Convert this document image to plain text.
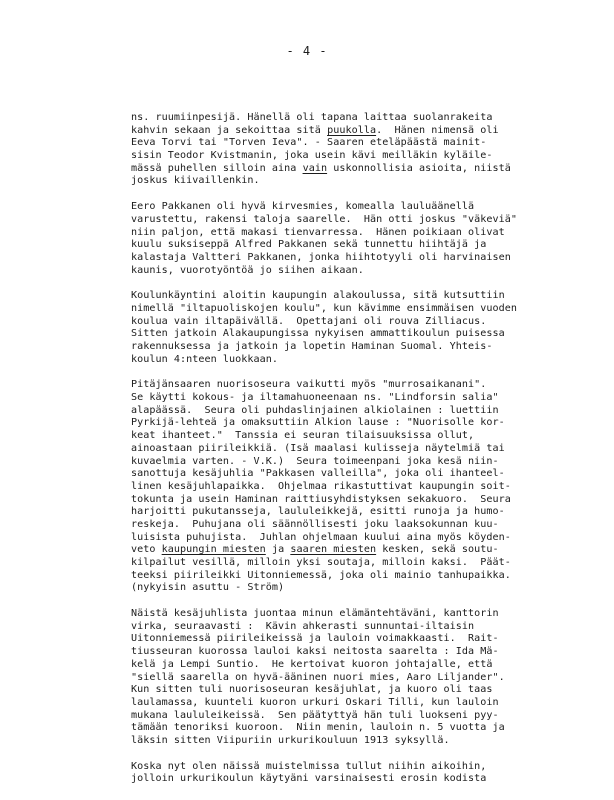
- 4 -
ns. ruumiinpesijä. Hänellä oli tapana laittaa suolanrakeita
kahvin sekaan ja sekoittaa sitä puukolla.  Hänen nimensä oli
Eeva Torvi tai "Torven Ieva". - Saaren eteläpäästä mainit-
sisin Teodor Kvistmanin, joka usein kävi meilläkin kyläile-
mässä puhellen silloin aina vain uskonnollisia asioita, niistä
joskus kiivaillenkin.
Eero Pakkanen oli hyvä kirvesmies, komealla lauluäänellä
varustettu, rakensi taloja saarelle.  Hän otti joskus "väkeviä"
niin paljon, että makasi tienvarressa.  Hänen poikiaan olivat
kuulu suksiseppä Alfred Pakkanen sekä tunnettu hiihtäjä ja
kalastaja Valtteri Pakkanen, jonka hiihtotyyli oli harvinaisen
kaunis, vuorotyöntöä jo siihen aikaan.
Koulunkäyntini aloitin kaupungin alakoulussa, sitä kutsuttiin
nimellä "iltapuoliskojen koulu", kun kävimme ensimmäisen vuoden
koulua vain iltapäivällä.  Opettajani oli rouva Zilliacus.
Sitten jatkoin Alakaupungissa nykyisen ammattikoulun puisessa
rakennuksessa ja jatkoin ja lopetin Haminan Suomal. Yhteis-
koulun 4:nteen luokkaan.
Pitäjänsaaren nuorisoseura vaikutti myös "murrosaikanani".
Se käytti kokous- ja iltamahuoneenaan ns. "Lindforsin salia"
alapäässä.  Seura oli puhdaslinjainen alkiolainen : luettiin
Pyrkijä-lehteä ja omaksuttiin Alkion lause : "Nuorisolle kor-
keat ihanteet."  Tanssia ei seuran tilaisuuksissa ollut,
ainoastaan piirileikkiä. (Isä maalasi kulisseja näytelmiä tai
kuvaelmia varten. - V.K.)  Seura toimeenpani joka kesä niin-
sanottuja kesäjuhlia "Pakkasen valleilla", joka oli ihanteel-
linen kesäjuhlapaikka.  Ohjelmaa rikastuttivat kaupungin soit-
tokunta ja usein Haminan raittiusyhdistyksen sekakuoro.  Seura
harjoitti pukutansseja, laululeikkejä, esitti runoja ja humo-
reskeja.  Puhujana oli säännöllisesti joku laaksokunnan kuu-
luisista puhujista.  Juhlan ohjelmaan kuului aina myös köyden-
veto kaupungin miesten ja saaren miesten kesken, sekä soutu-
kilpailut vesillä, milloin yksi soutaja, milloin kaksi.  Päät-
teeksi piirileikki Uitonniemessä, joka oli mainio tanhupaikka.
(nykyisin asuttu - Ström)
Näistä kesäjuhlista juontaa minun elämäntehtäväni, kanttorin
virka, seuraavasti :  Kävin ahkerasti sunnuntai-iltaisin
Uitonniemessä piirileikeissä ja lauloin voimakkaasti.  Rait-
tiusseuran kuorossa lauloi kaksi neitosta saarelta : Ida Mä-
kelä ja Lempi Suntio.  He kertoivat kuoron johtajalle, että
"siellä saarella on hyvä-ääninen nuori mies, Aaro Liljander".
Kun sitten tuli nuorisoseuran kesäjuhlat, ja kuoro oli taas
laulamassa, kuunteli kuoron urkuri Oskari Tilli, kun lauloin
mukana laululeikeissä.  Sen päätyttyä hän tuli luokseni pyy-
tämään tenoriksi kuoroon.  Niin menin, lauloin n. 5 vuotta ja
läksin sitten Viipuriin urkurikouluun 1913 syksyllä.
Koska nyt olen näissä muistelmissa tullut niihin aikoihin,
jolloin urkurikoulun käytyäni varsinaisesti erosin kodista
